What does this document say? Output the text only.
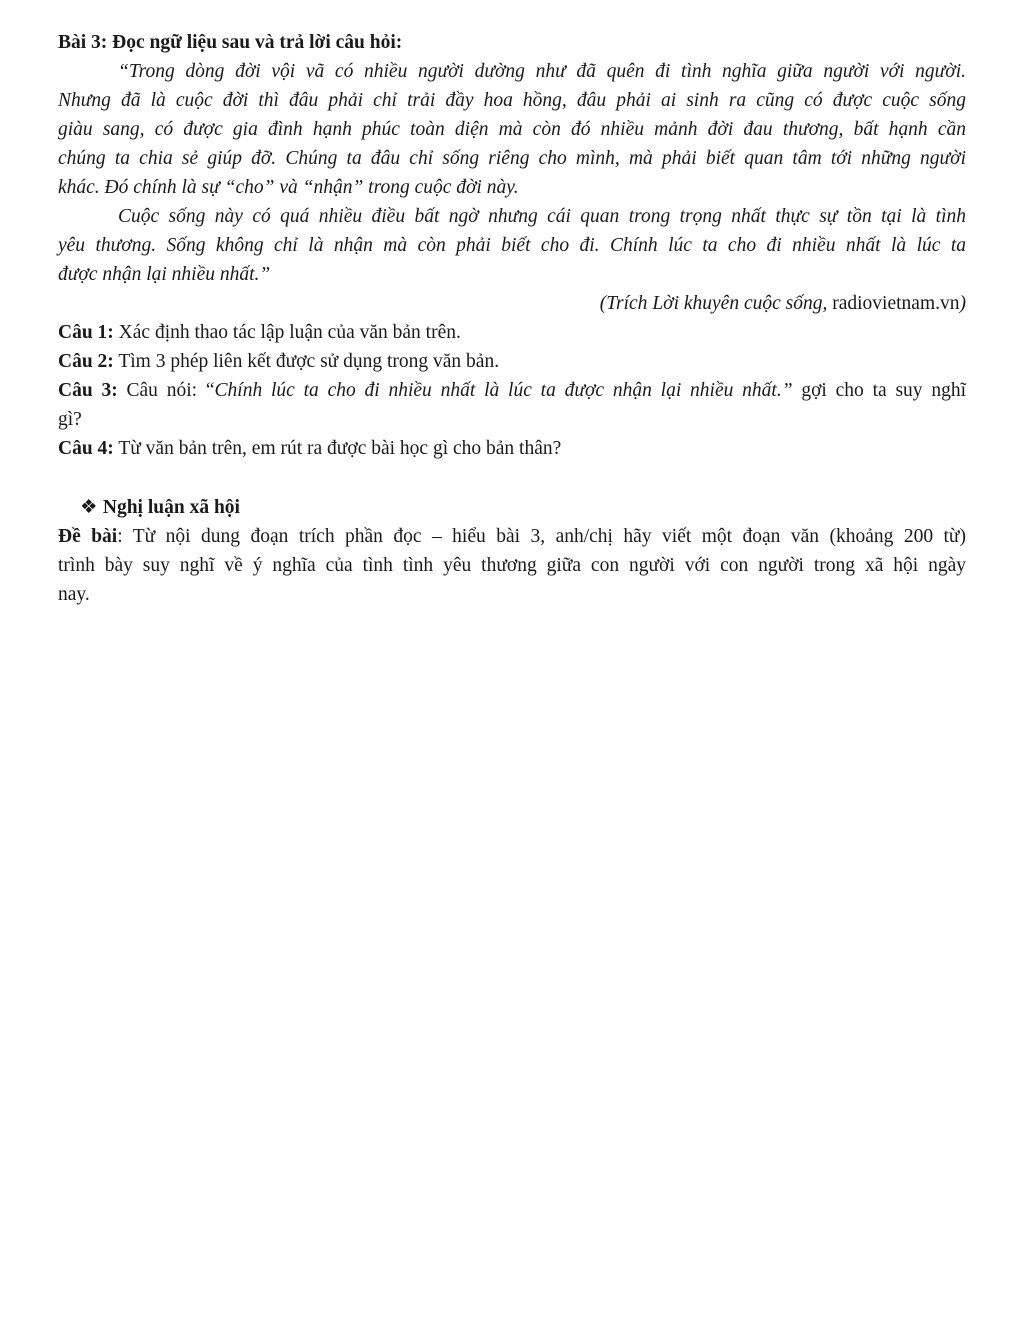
Bài 3: Đọc ngữ liệu sau và trả lời câu hỏi:
“Trong dòng đời vội vã có nhiều người dường như đã quên đi tình nghĩa giữa người với người.
Nhưng đã là cuộc đời thì đâu phải chỉ trải đầy hoa hồng, đâu phải ai sinh ra cũng có được cuộc sống
giàu sang, có được gia đình hạnh phúc toàn diện mà còn đó nhiều mảnh đời đau thương, bất hạnh cần
chúng ta chia sẻ giúp đỡ. Chúng ta đâu chỉ sống riêng cho mình, mà phải biết quan tâm tới những người
khác. Đó chính là sự “cho” và “nhận” trong cuộc đời này.
Cuộc sống này có quá nhiều điều bất ngờ nhưng cái quan trong trọng nhất thực sự tồn tại là tình
yêu thương. Sống không chỉ là nhận mà còn phải biết cho đi. Chính lúc ta cho đi nhiều nhất là lúc ta
được nhận lại nhiều nhất.”
(Trích Lời khuyên cuộc sống, radiovietnam.vn)
Câu 1: Xác định thao tác lập luận của văn bản trên.
Câu 2: Tìm 3 phép liên kết được sử dụng trong văn bản.
Câu 3: Câu nói: “Chính lúc ta cho đi nhiều nhất là lúc ta được nhận lại nhiều nhất.” gợi cho ta suy nghĩ
gì?
Câu 4: Từ văn bản trên, em rút ra được bài học gì cho bản thân?
❖ Nghị luận xã hội
Đề bài: Từ nội dung đoạn trích phần đọc – hiểu bài 3, anh/chị hãy viết một đoạn văn (khoảng 200 từ)
trình bày suy nghĩ về ý nghĩa của tình tình yêu thương giữa con người với con người trong xã hội ngày
nay.
